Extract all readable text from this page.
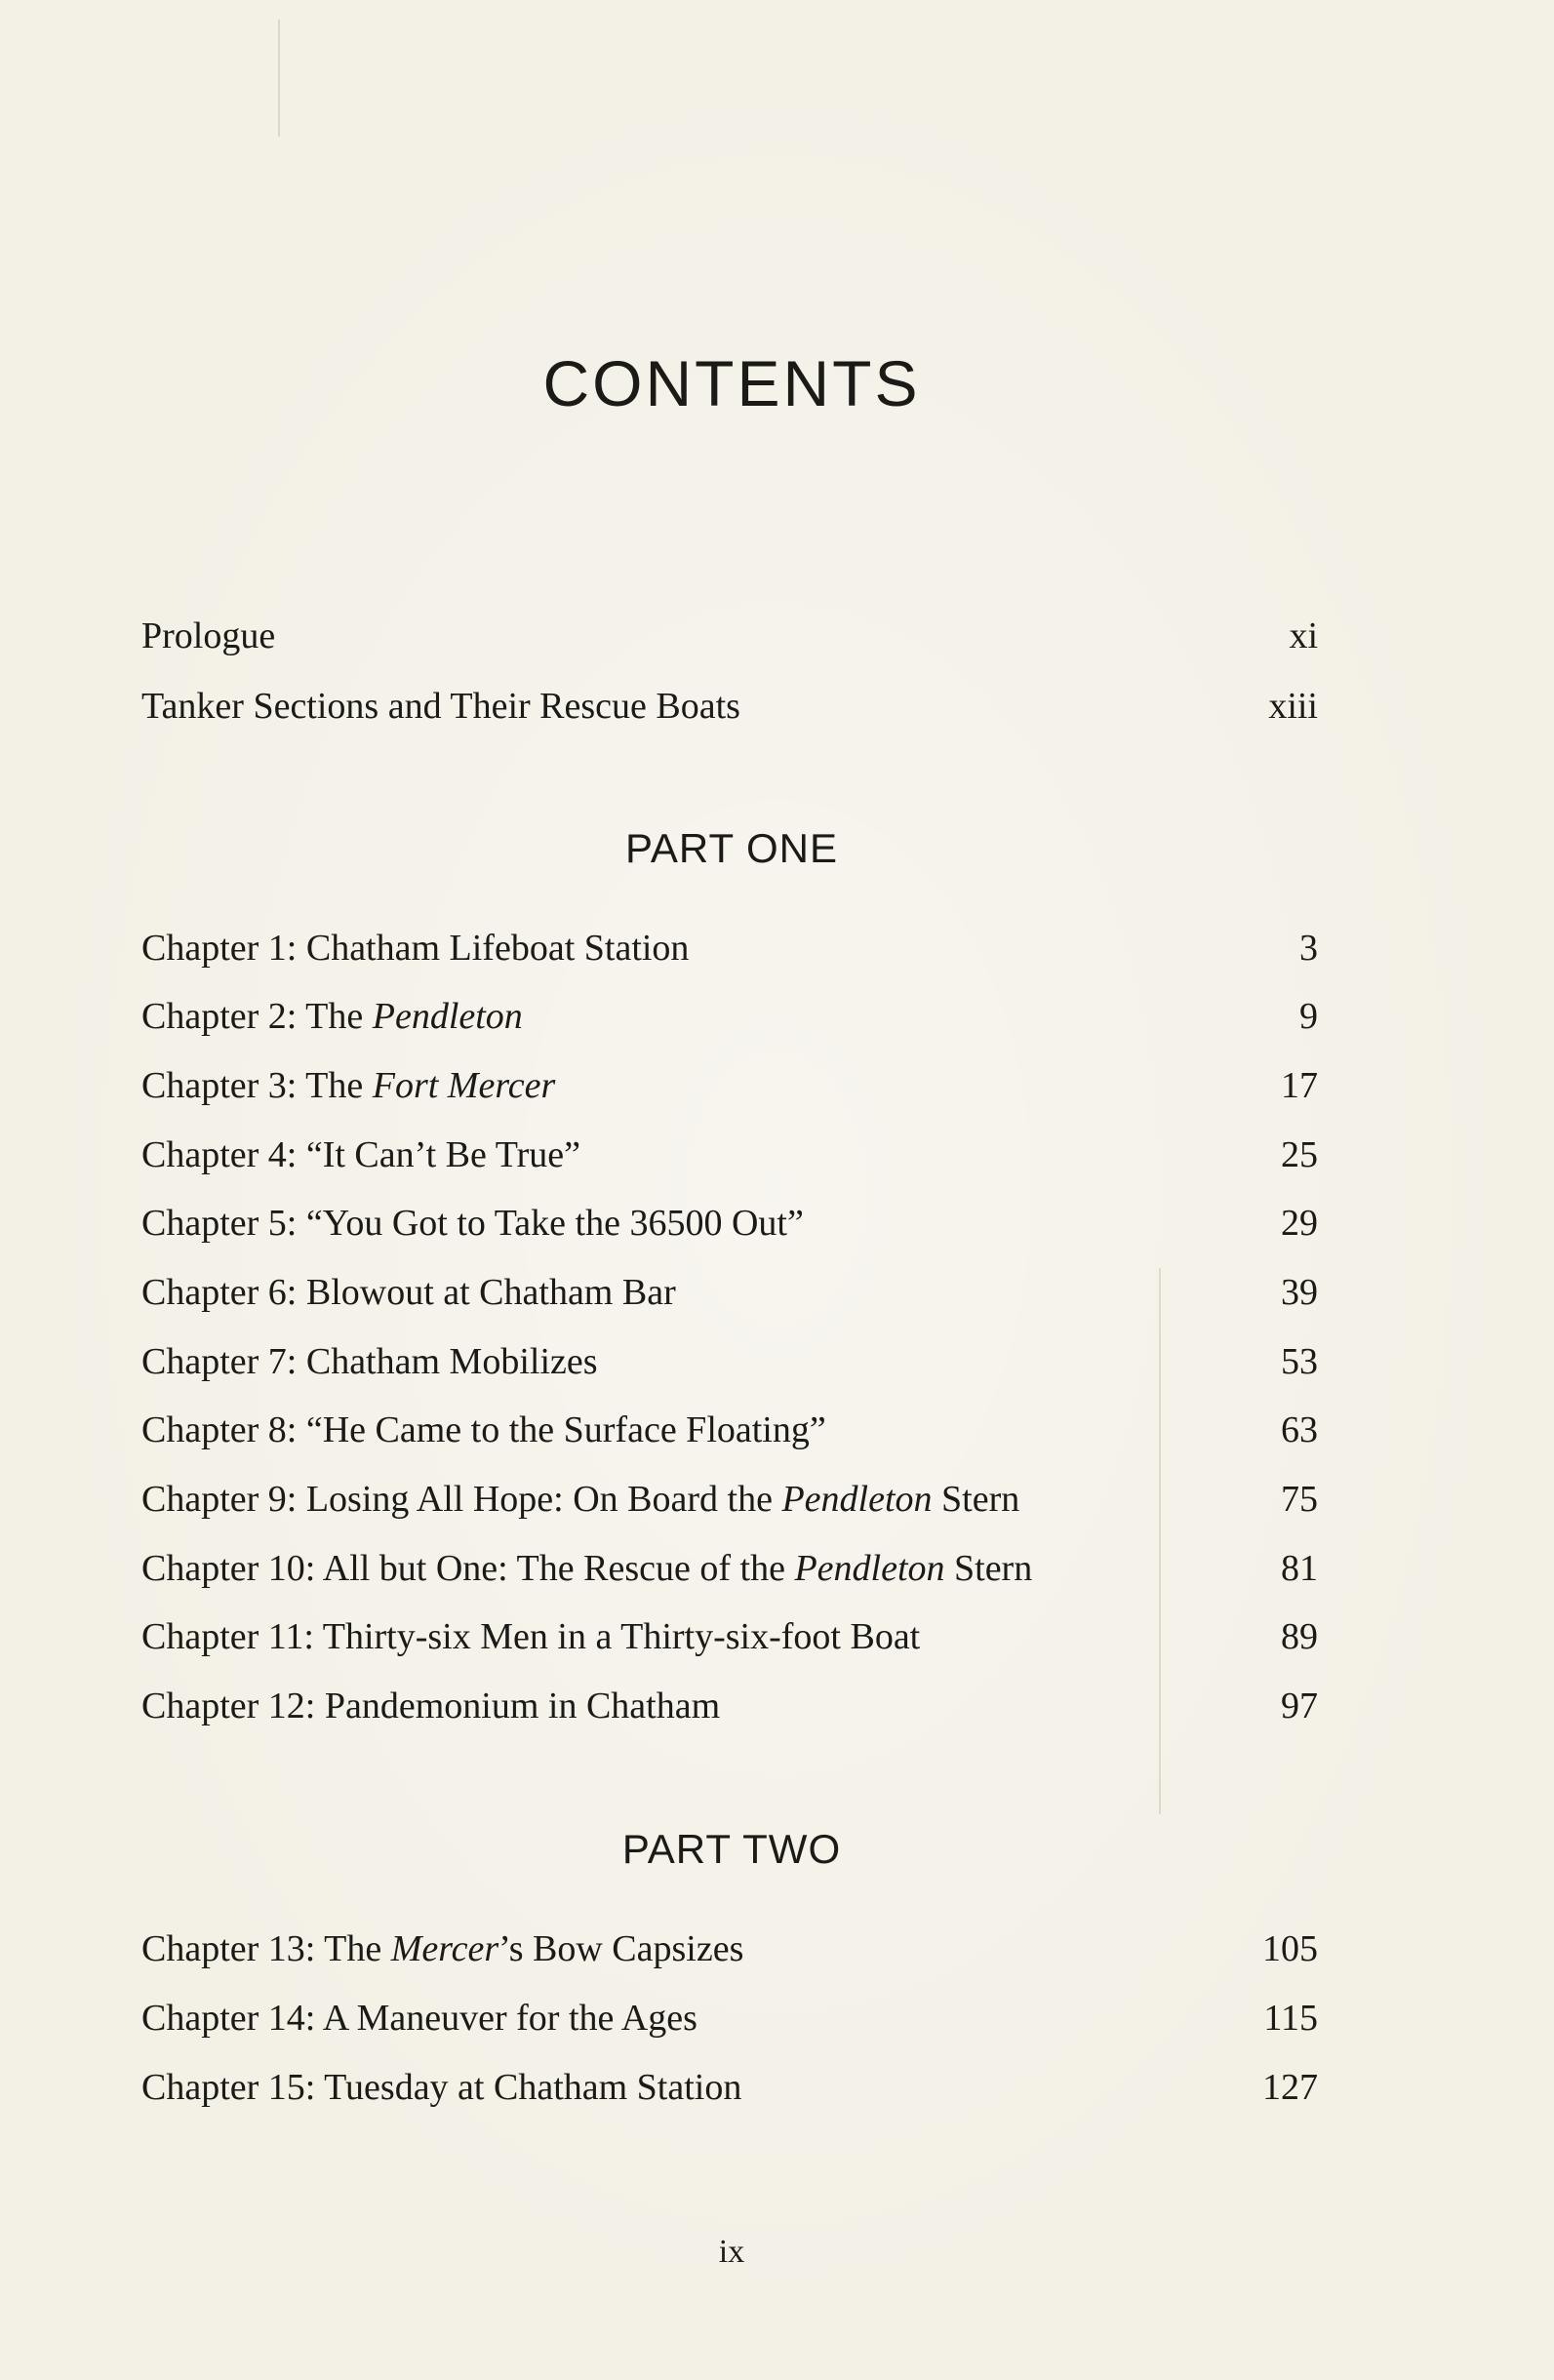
CONTENTS
Prologue	xi
Tanker Sections and Their Rescue Boats	xiii
PART ONE
Chapter 1: Chatham Lifeboat Station	3
Chapter 2: The Pendleton	9
Chapter 3: The Fort Mercer	17
Chapter 4: “It Can’t Be True”	25
Chapter 5: “You Got to Take the 36500 Out”	29
Chapter 6: Blowout at Chatham Bar	39
Chapter 7: Chatham Mobilizes	53
Chapter 8: “He Came to the Surface Floating”	63
Chapter 9: Losing All Hope: On Board the Pendleton Stern	75
Chapter 10: All but One: The Rescue of the Pendleton Stern	81
Chapter 11: Thirty-six Men in a Thirty-six-foot Boat	89
Chapter 12: Pandemonium in Chatham	97
PART TWO
Chapter 13: The Mercer’s Bow Capsizes	105
Chapter 14: A Maneuver for the Ages	115
Chapter 15: Tuesday at Chatham Station	127
ix
